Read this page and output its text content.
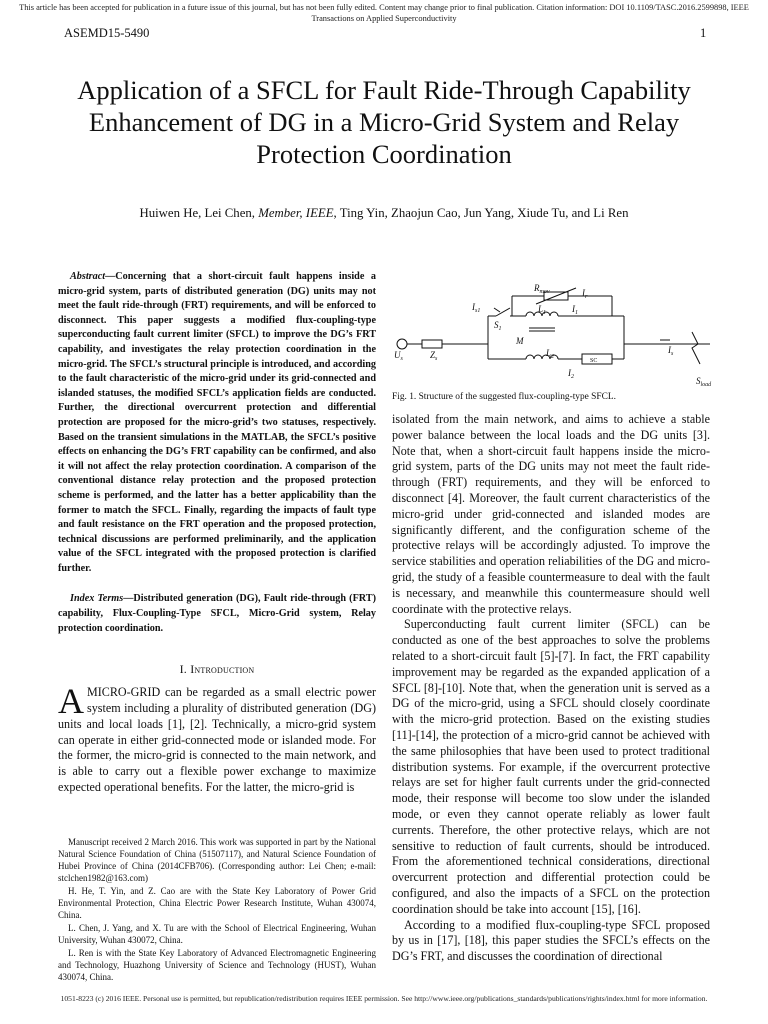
This article has been accepted for publication in a future issue of this journal, but has not been fully edited. Content may change prior to final publication. Citation information: DOI 10.1109/TASC.2016.2599898, IEEE Transactions on Applied Superconductivity
ASEMD15-5490	1
Application of a SFCL for Fault Ride-Through Capability Enhancement of DG in a Micro-Grid System and Relay Protection Coordination
Huiwen He, Lei Chen, Member, IEEE, Ting Yin, Zhaojun Cao, Jun Yang, Xiude Tu, and Li Ren

Abstract—Concerning that a short-circuit fault happens inside a micro-grid system, parts of distributed generation (DG) units may not meet the fault ride-through (FRT) requirements, and will be enforced to disconnect. This paper suggests a modified flux-coupling-type superconducting fault current limiter (SFCL) to improve the DG’s FRT capability, and investigates the relay protection coordination in the micro-grid. The SFCL’s structural principle is introduced, and according to the fault characteristic of the micro-grid under its grid-connected and islanded statuses, the modified SFCL’s application fields are conducted. Further, the directional overcurrent protection and differential protection are proposed for the micro-grid’s two statuses, respectively. Based on the transient simulations in the MATLAB, the SFCL’s positive effects on enhancing the DG’s FRT capability can be confirmed, and also it will not affect the relay protection coordination. A comparison of the conventional distance relay protection and the proposed protection scheme is performed, and the latter has a better applicability than the former to match the SFCL. Finally, regarding the impacts of fault type and fault resistance on the FRT operation and the proposed protection, technical discussions are performed preliminarily, and the application value of the SFCL integrated with the proposed protection is clarified further.

Index Terms—Distributed generation (DG), Fault ride-through (FRT) capability, Flux-Coupling-Type SFCL, Micro-Grid system, Relay protection coordination.

I. Introduction

A MICRO-GRID can be regarded as a small electric power system including a plurality of distributed generation (DG) units and local loads [1], [2]. Technically, a micro-grid system can operate in either grid-connected mode or islanded mode. For the former, the micro-grid is connected to the main network, and is able to carry out a flexible power exchange to maximize expected operational benefits. For the latter, the micro-grid is

Manuscript received 2 March 2016. This work was supported in part by the National Natural Science Foundation of China (51507117), and Natural Science Foundation of Hubei Province of China (2014CFB706). (Corresponding author: Lei Chen; e-mail: stclchen1982@163.com)

H. He, T. Yin, and Z. Cao are with the State Key Laboratory of Power Grid Environmental Protection, China Electric Power Research Institute, Wuhan 430074, China.

L. Chen, J. Yang, and X. Tu are with the School of Electrical Engineering, Wuhan University, Wuhan 430072, China.

L. Ren is with the State Key Laboratory of Advanced Electromagnetic Engineering and Technology, Huazhong University of Science and Technology (HUST), Wuhan 430074, China.

$R_{mov}$	$I_r$
$I_{s1}$
$S_1$
$L_1$	$I_1$
M
$U_s$	$Z_s$
$L_2$
SC
$I_2$
$I_s$
$S_{load}$
Fig. 1. Structure of the suggested flux-coupling-type SFCL.

isolated from the main network, and aims to achieve a stable power balance between the local loads and the DG units [3]. Note that, when a short-circuit fault happens inside the micro-grid system, parts of the DG units may not meet the fault ride-through (FRT) requirements, and they will be enforced to disconnect [4]. Moreover, the fault current characteristics of the micro-grid under grid-connected and islanded modes are significantly different, and the configuration scheme of the protective relays will be accordingly adjusted. To improve the service stabilities and operation reliabilities of the DG and micro-grid, the study of a feasible countermeasure to deal with the fault is necessary, and meanwhile this countermeasure should well coordinate with the protective relays.

Superconducting fault current limiter (SFCL) can be conducted as one of the best approaches to solve the problems related to a short-circuit fault [5]-[7]. In fact, the FRT capability improvement may be regarded as the expanded application of a SFCL [8]-[10]. Note that, when the generation unit is served as a DG of the micro-grid, using a SFCL should closely coordinate with the micro-grid protection. Based on the existing studies [11]-[14], the protection of a micro-grid cannot be achieved with the same philosophies that have been used to protect traditional distribution systems. For example, if the overcurrent protective relays are set for higher fault currents under the grid-connected mode, their response will become too slow under the islanded mode, or even they cannot operate reliably as lower fault currents. Therefore, the other protective relays, which are not sensitive to reduction of fault currents, should be introduced. From the aforementioned technical considerations, directional overcurrent protection and differential protection could be configured, and also the impacts of a SFCL on the protection coordination should be take into account [15], [16].

According to a modified flux-coupling-type SFCL proposed by us in [17], [18], this paper studies the SFCL’s effects on the DG’s FRT, and discusses the coordination of directional

1051-8223 (c) 2016 IEEE. Personal use is permitted, but republication/redistribution requires IEEE permission. See http://www.ieee.org/publications_standards/publications/rights/index.html for more information.
